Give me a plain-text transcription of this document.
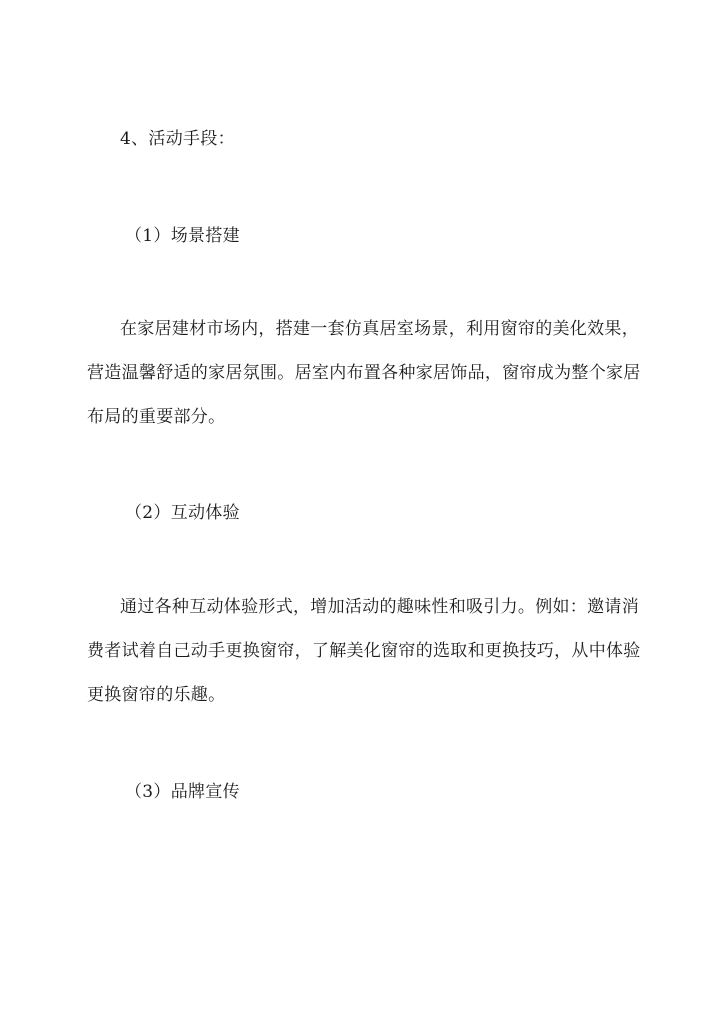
4、活动手段：

（1）场景搭建

在家居建材市场内，搭建一套仿真居室场景，利用窗帘的美化效果，

营造温馨舒适的家居氛围。居室内布置各种家居饰品，窗帘成为整个家居

布局的重要部分。

（2）互动体验

通过各种互动体验形式，增加活动的趣味性和吸引力。例如：邀请消

费者试着自己动手更换窗帘，了解美化窗帘的选取和更换技巧，从中体验

更换窗帘的乐趣。

（3）品牌宣传
